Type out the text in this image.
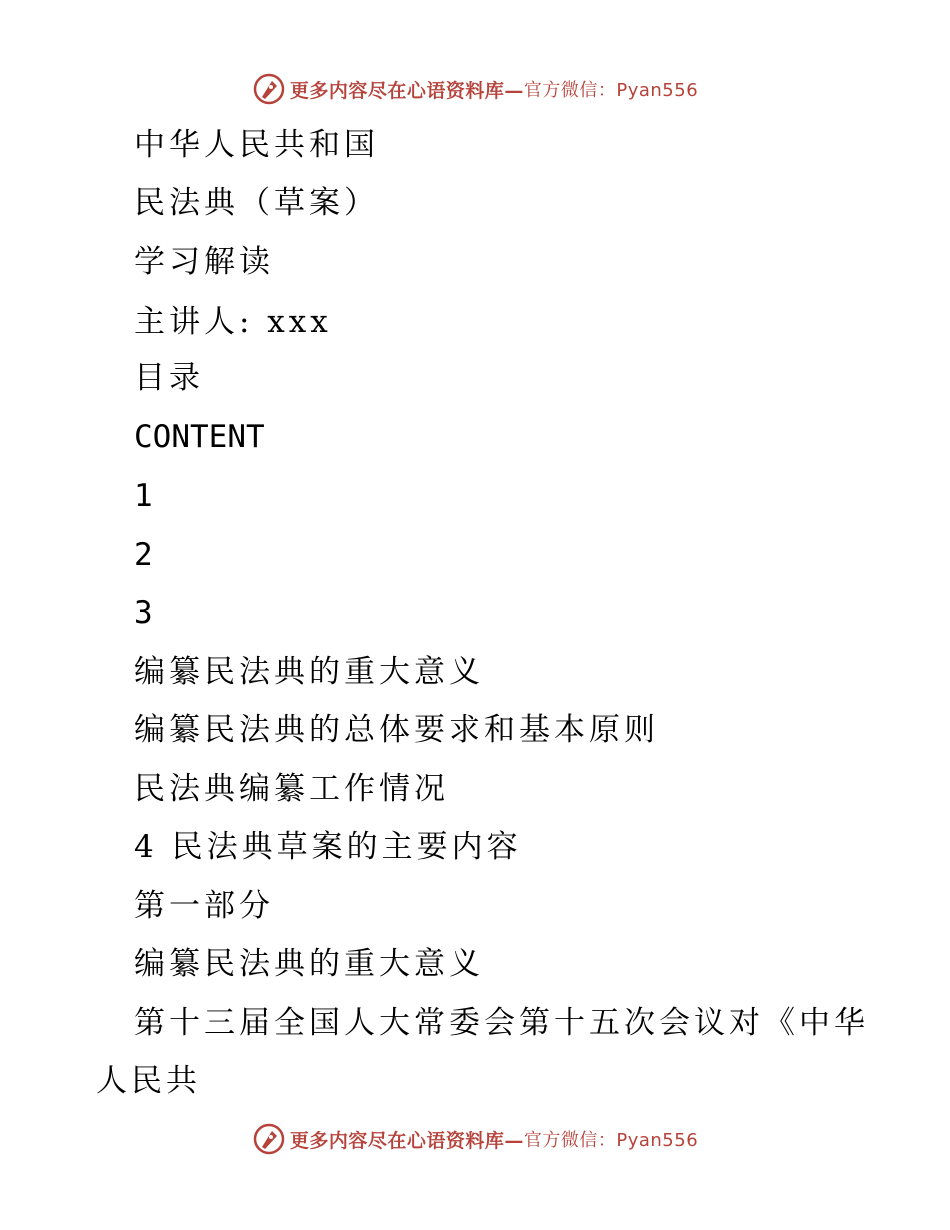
更多内容尽在心语资料库— 官方微信：Pyan556
中华人民共和国
民法典（草案）
学习解读
主讲人: xxx
目录
CONTENT
1
2
3
编纂民法典的重大意义
编纂民法典的总体要求和基本原则
民法典编纂工作情况
4 民法典草案的主要内容
第一部分
编纂民法典的重大意义
第十三届全国人大常委会第十五次会议对《中华
人民共
更多内容尽在心语资料库— 官方微信：Pyan556
